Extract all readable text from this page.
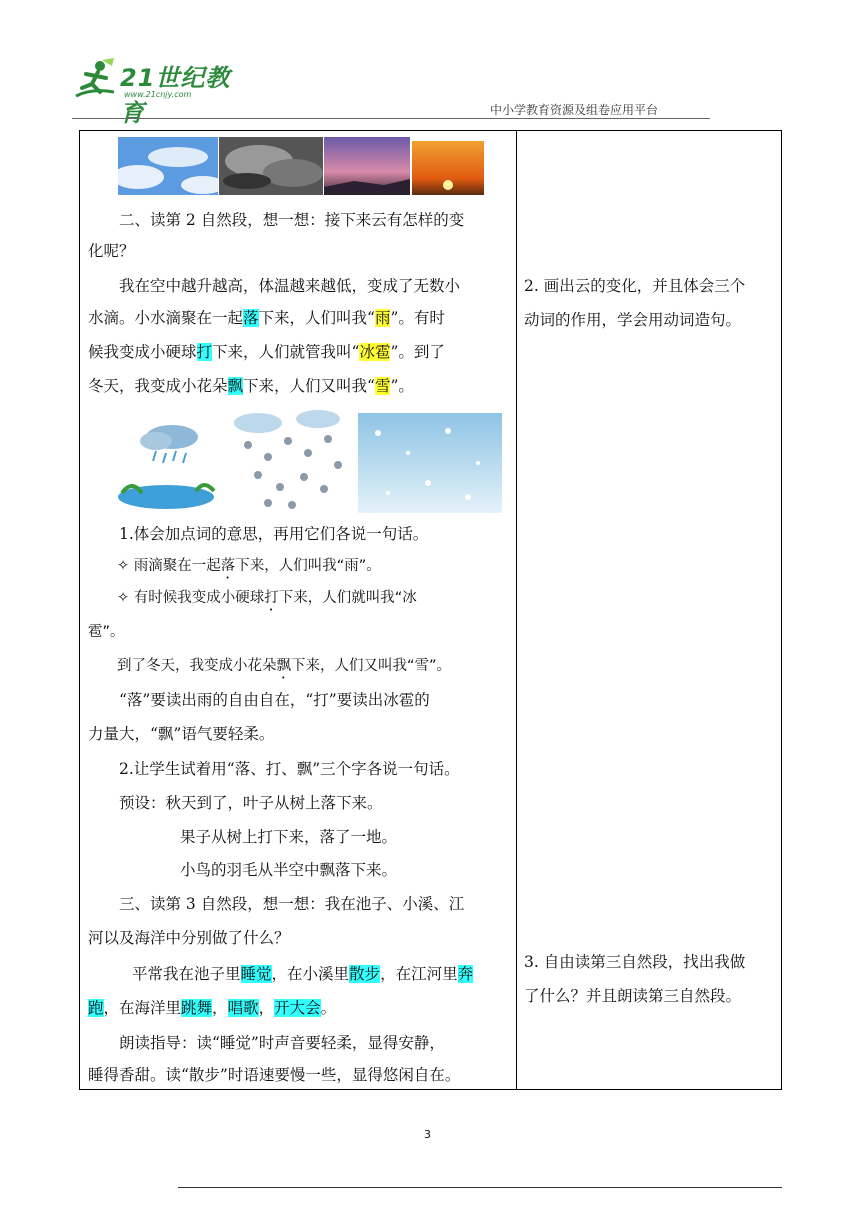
21世纪教育
www.21cnjy.com
中小学教育资源及组卷应用平台
二、读第 2 自然段，想一想：接下来云有怎样的变
化呢？
我在空中越升越高，体温越来越低，变成了无数小
水滴。小水滴聚在一起落下来，人们叫我“雨”。有时
候我变成小硬球打下来，人们就管我叫“冰雹”。到了
冬天，我变成小花朵飘下来，人们又叫我“雪”。
1.体会加点词的意思，再用它们各说一句话。
✧ 雨滴聚在一起落下来，人们叫我“雨”。
✧ 有时候我变成小硬球打下来，人们就叫我“冰
雹”。
到了冬天，我变成小花朵飘下来，人们又叫我“雪”。
“落”要读出雨的自由自在，“打”要读出冰雹的
力量大，“飘”语气要轻柔。
2.让学生试着用“落、打、飘”三个字各说一句话。
预设：秋天到了，叶子从树上落下来。
果子从树上打下来，落了一地。
小鸟的羽毛从半空中飘落下来。
三、读第 3 自然段，想一想：我在池子、小溪、江
河以及海洋中分别做了什么？
平常我在池子里睡觉，在小溪里散步，在江河里奔
跑，在海洋里跳舞，唱歌，开大会。
朗读指导：读“睡觉”时声音要轻柔，显得安静，
睡得香甜。读“散步”时语速要慢一些，显得悠闲自在。
2. 画出云的变化，并且体会三个
动词的作用，学会用动词造句。
3. 自由读第三自然段，找出我做
了什么？并且朗读第三自然段。
3
